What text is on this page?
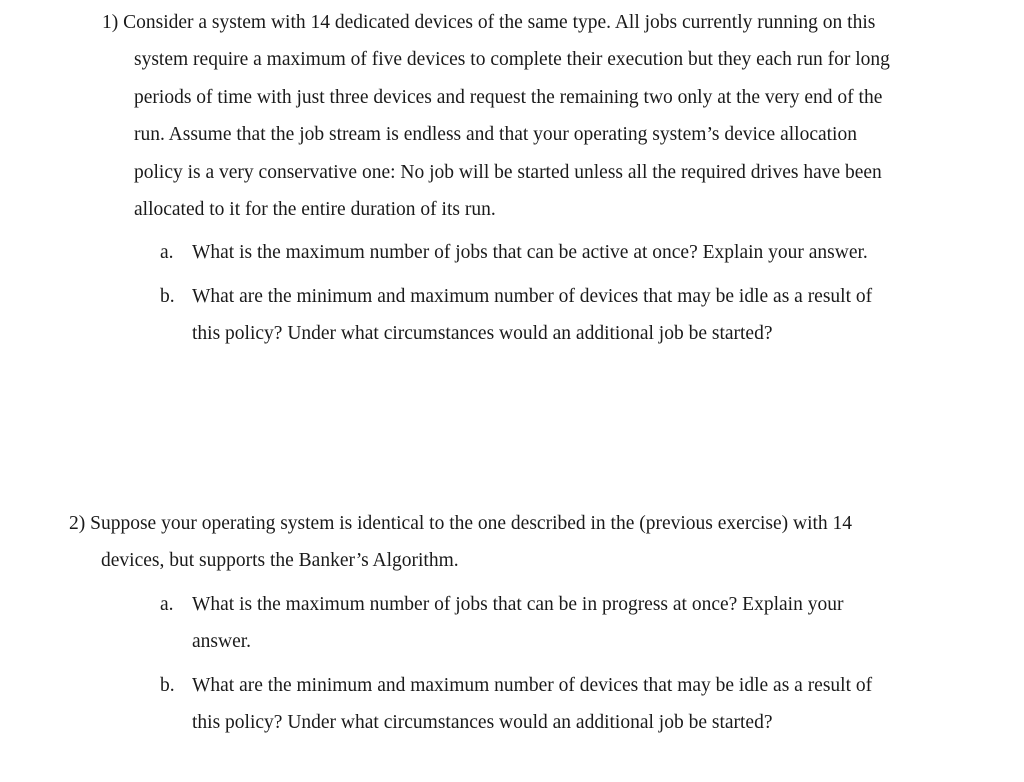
1) Consider a system with 14 dedicated devices of the same type. All jobs currently running on this system require a maximum of five devices to complete their execution but they each run for long periods of time with just three devices and request the remaining two only at the very end of the run. Assume that the job stream is endless and that your operating system’s device allocation policy is a very conservative one: No job will be started unless all the required drives have been allocated to it for the entire duration of its run.

a. What is the maximum number of jobs that can be active at once? Explain your answer.
b. What are the minimum and maximum number of devices that may be idle as a result of this policy? Under what circumstances would an additional job be started?

2) Suppose your operating system is identical to the one described in the (previous exercise) with 14 devices, but supports the Banker’s Algorithm.

a. What is the maximum number of jobs that can be in progress at once? Explain your answer.
b. What are the minimum and maximum number of devices that may be idle as a result of this policy? Under what circumstances would an additional job be started?
